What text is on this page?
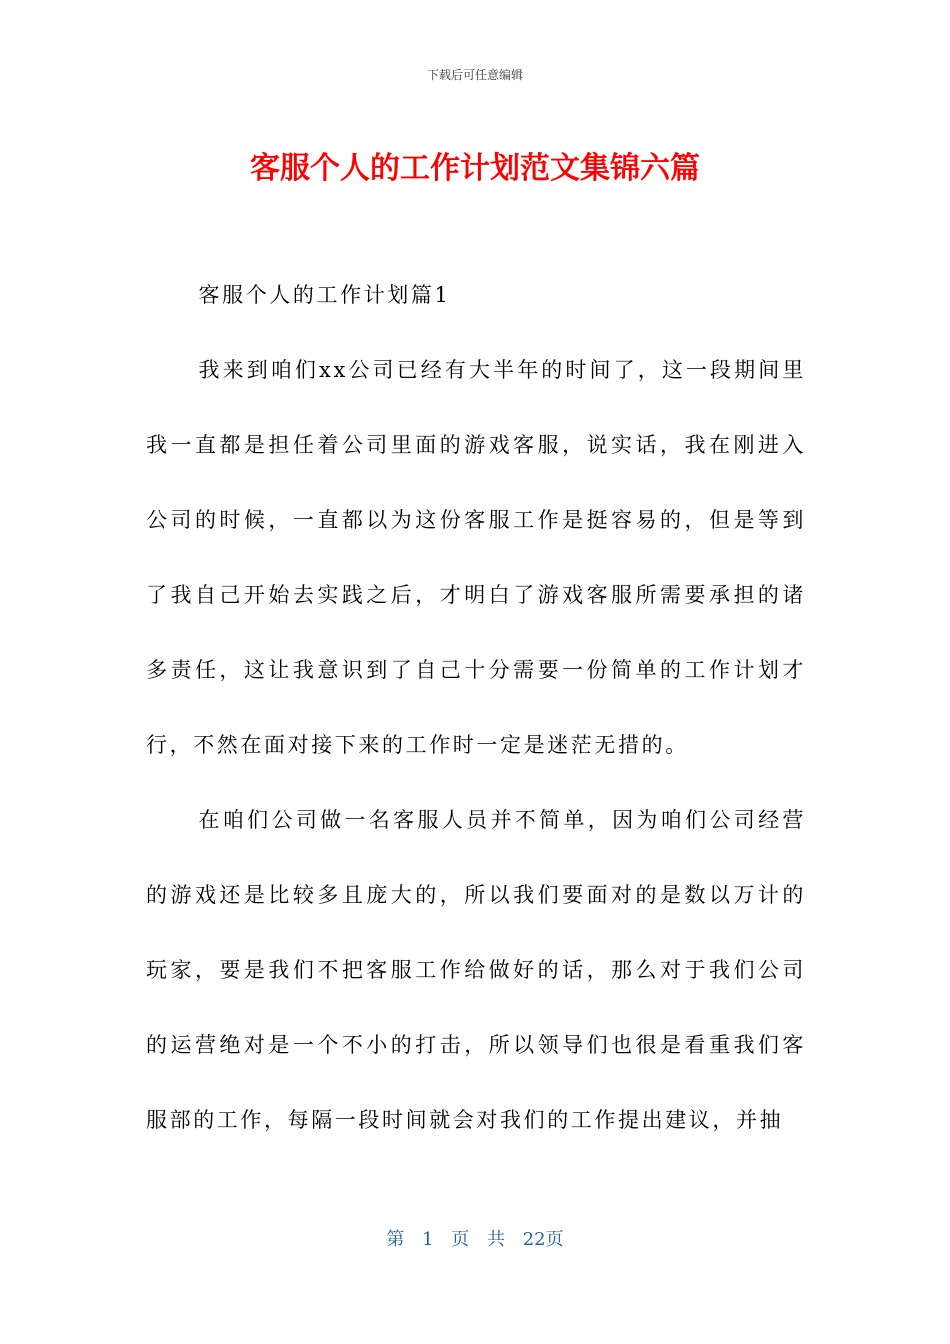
下载后可任意编辑
客服个人的工作计划范文集锦六篇

客服个人的工作计划篇1

我来到咱们xx公司已经有大半年的时间了，这一段期间里我一直都是担任着公司里面的游戏客服，说实话，我在刚进入公司的时候，一直都以为这份客服工作是挺容易的，但是等到了我自己开始去实践之后，才明白了游戏客服所需要承担的诸多责任，这让我意识到了自己十分需要一份简单的工作计划才行，不然在面对接下来的工作时一定是迷茫无措的。

在咱们公司做一名客服人员并不简单，因为咱们公司经营的游戏还是比较多且庞大的，所以我们要面对的是数以万计的玩家，要是我们不把客服工作给做好的话，那么对于我们公司的运营绝对是一个不小的打击，所以领导们也很是看重我们客服部的工作，每隔一段时间就会对我们的工作提出建议，并抽

第 1 页 共 22页
